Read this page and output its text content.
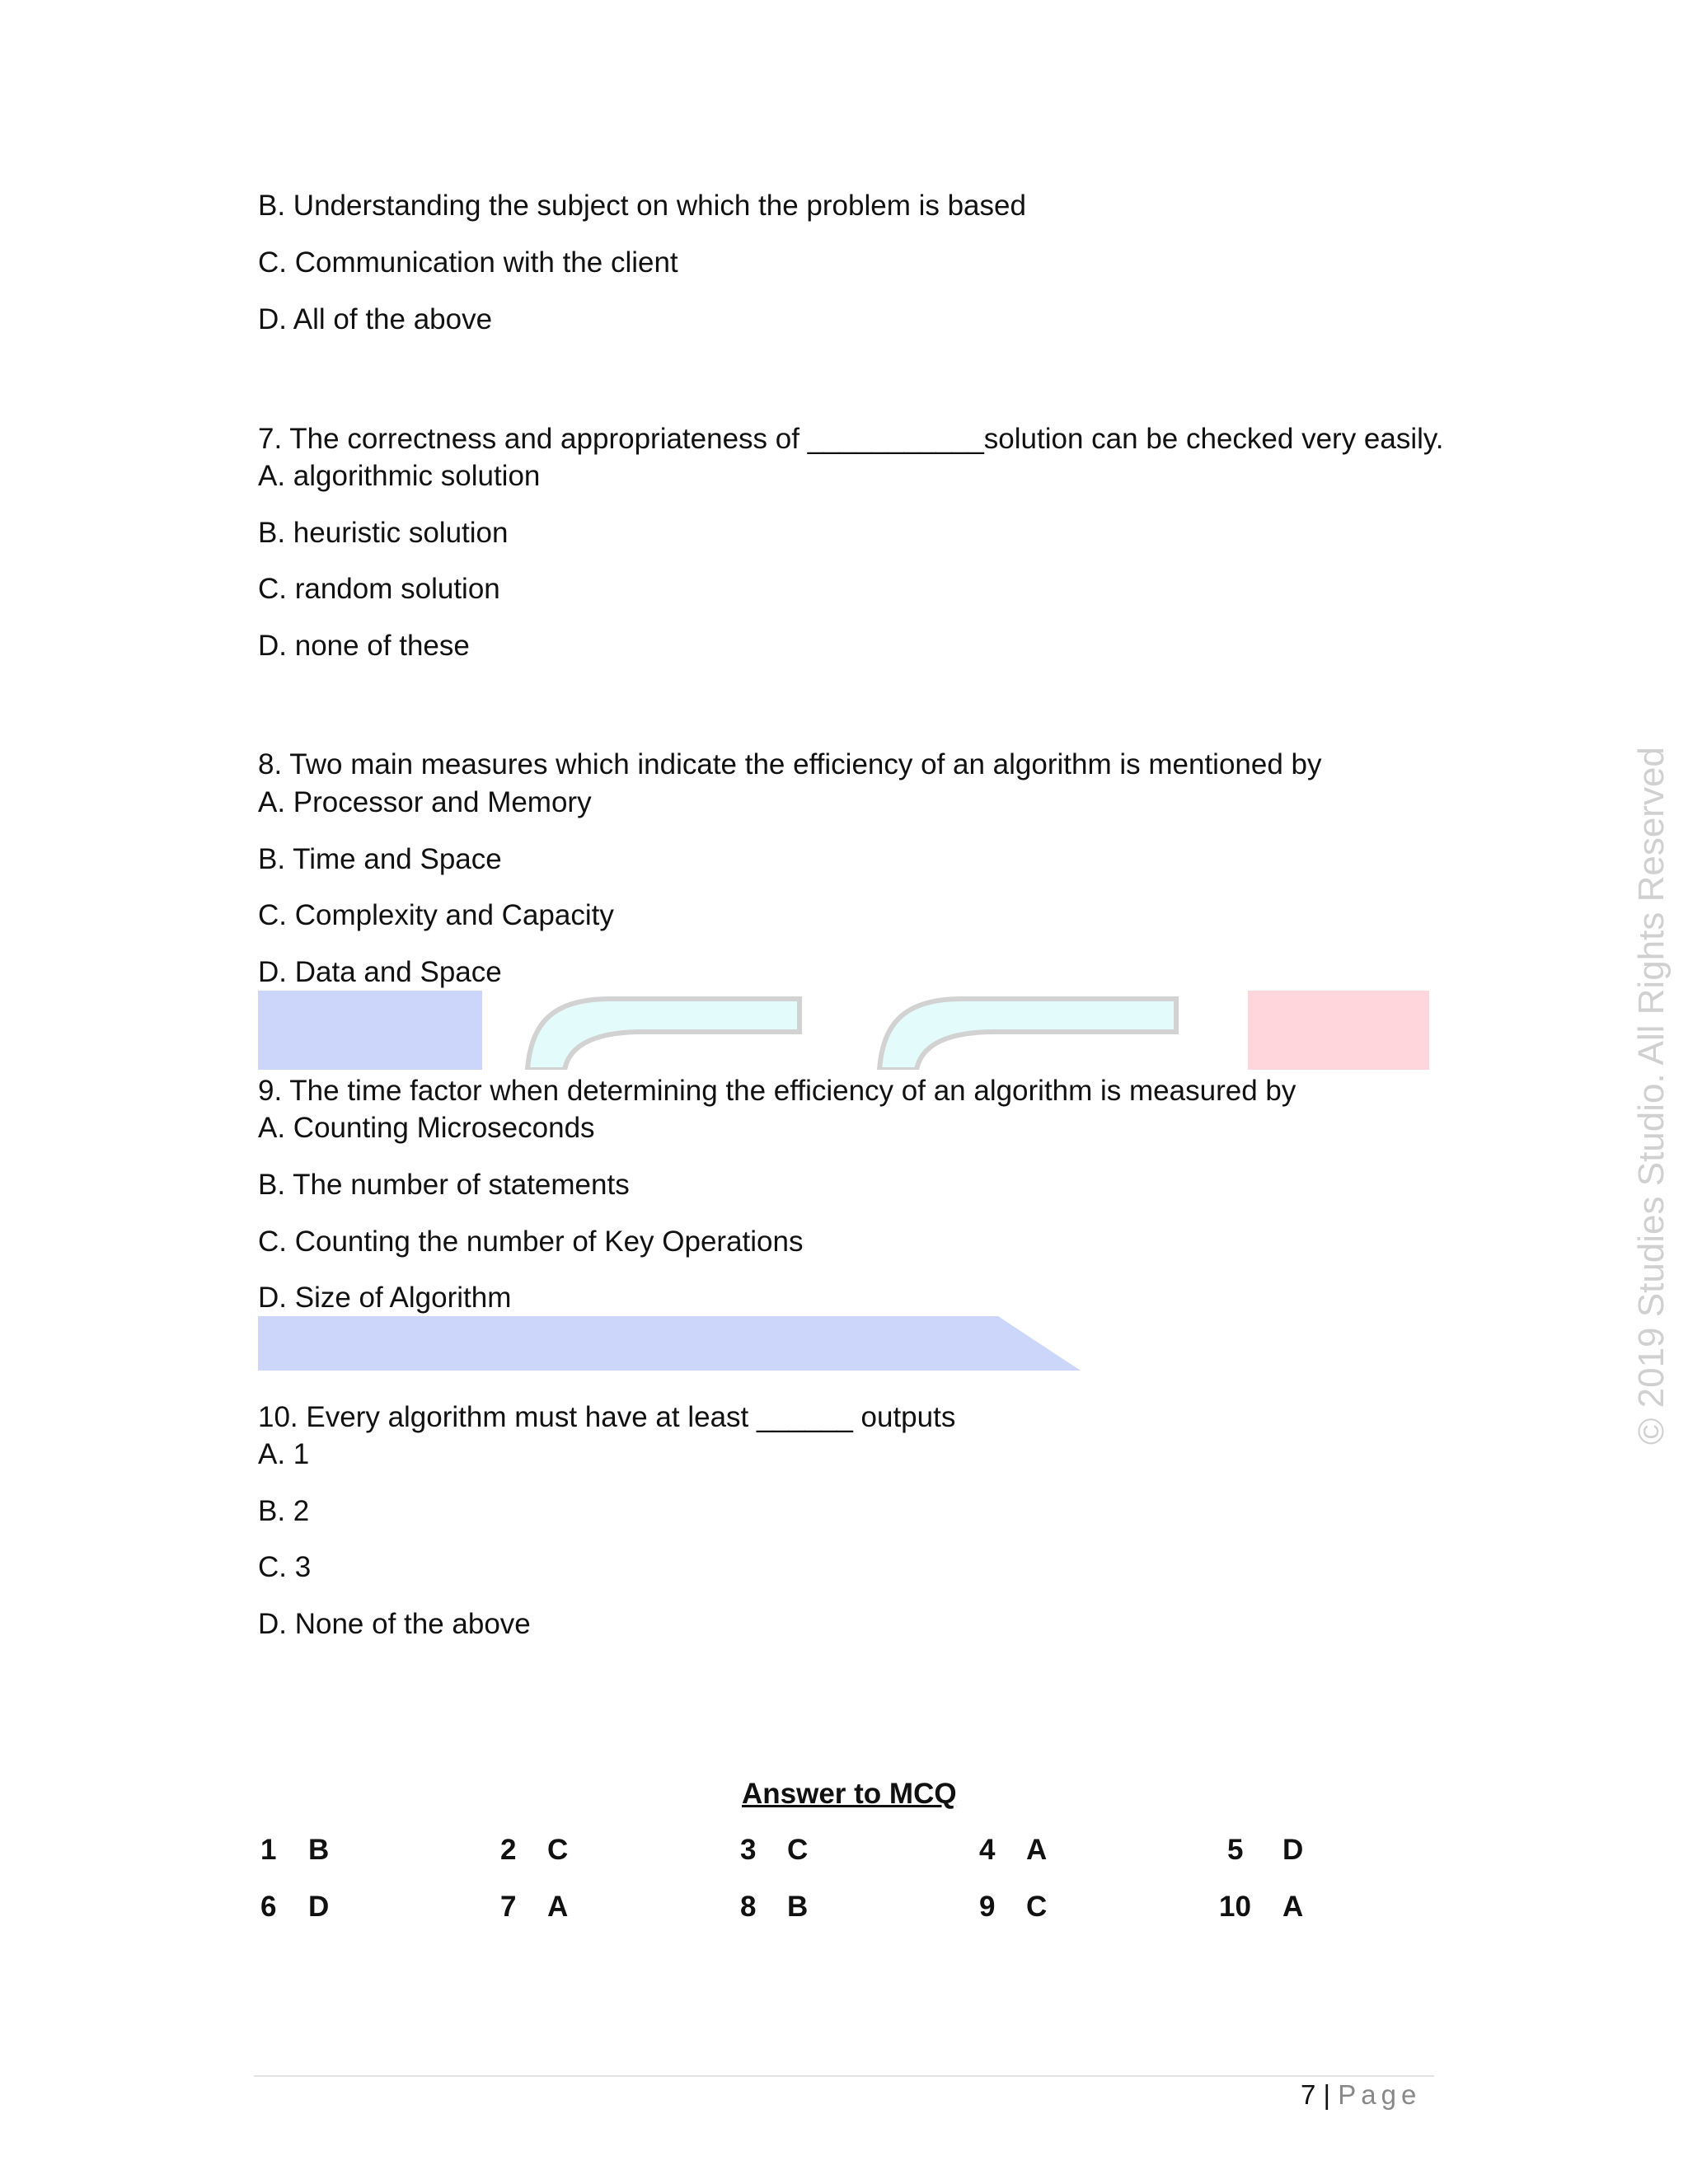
B. Understanding the subject on which the problem is based
C. Communication with the client
D. All of the above
7. The correctness and appropriateness of ___________solution can be checked very easily.
A. algorithmic solution
B. heuristic solution
C. random solution
D. none of these
8. Two main measures which indicate the efficiency of an algorithm is mentioned by
A. Processor and Memory
B. Time and Space
C. Complexity and Capacity
D. Data and Space
9. The time factor when determining the efficiency of an algorithm is measured by
A. Counting Microseconds
B. The number of statements
C. Counting the number of Key Operations
D. Size of Algorithm
10. Every algorithm must have at least ______ outputs
A. 1
B. 2
C. 3
D. None of the above
Answer to MCQ
1 B	2 C	3 C	4 A	5 D
6 D	7 A	8 B	9 C	10 A
© 2019 Studies Studio. All Rights Reserved
7 | Page
